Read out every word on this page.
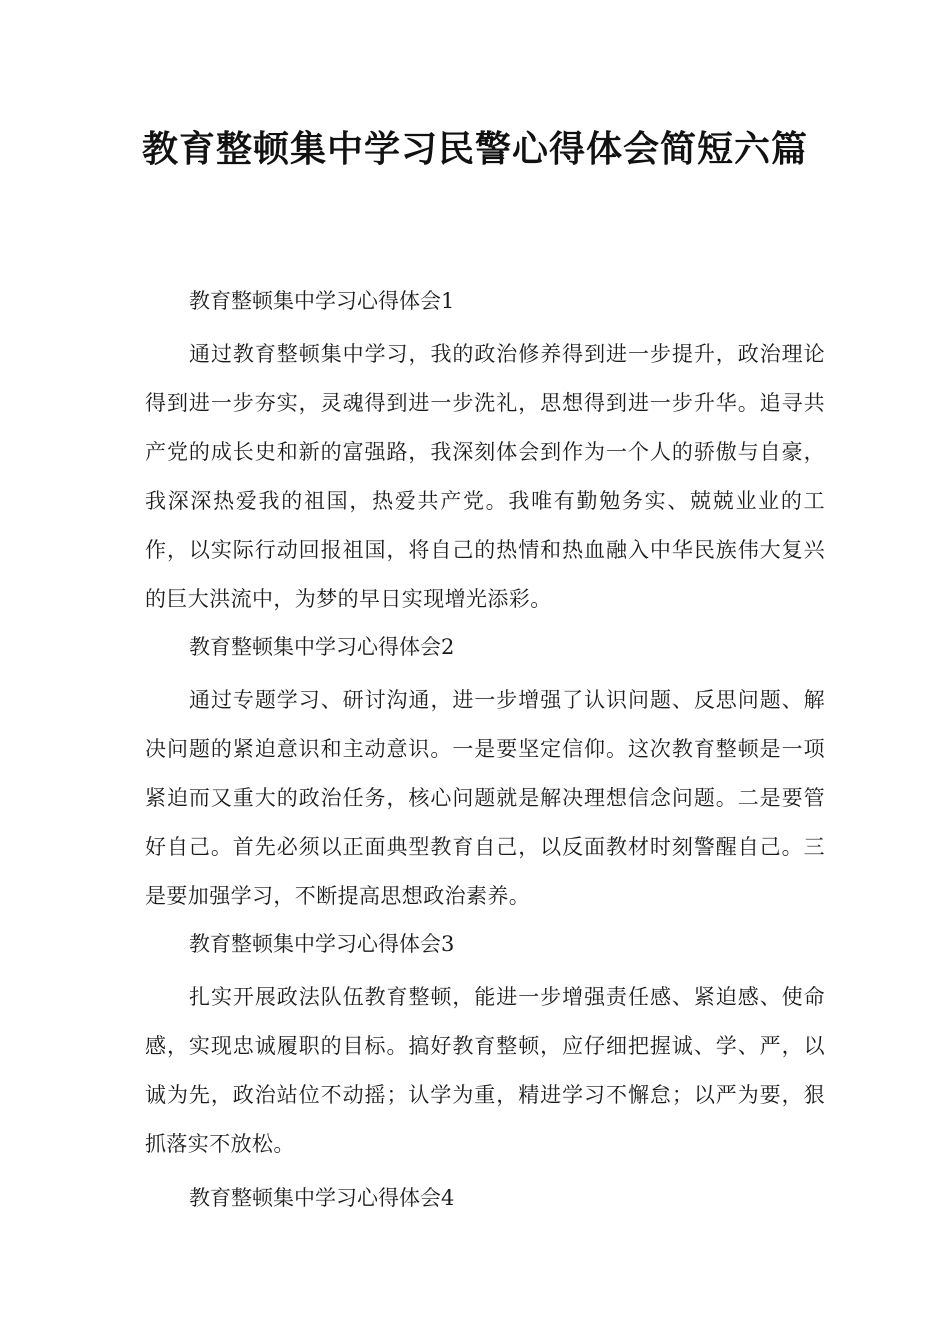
教育整顿集中学习民警心得体会简短六篇
教育整顿集中学习心得体会1

通过教育整顿集中学习，我的政治修养得到进一步提升，政治理论得到进一步夯实，灵魂得到进一步洗礼，思想得到进一步升华。追寻共产党的成长史和新的富强路，我深刻体会到作为一个人的骄傲与自豪，我深深热爱我的祖国，热爱共产党。我唯有勤勉务实、兢兢业业的工作，以实际行动回报祖国，将自己的热情和热血融入中华民族伟大复兴的巨大洪流中，为梦的早日实现增光添彩。

教育整顿集中学习心得体会2

通过专题学习、研讨沟通，进一步增强了认识问题、反思问题、解决问题的紧迫意识和主动意识。一是要坚定信仰。这次教育整顿是一项紧迫而又重大的政治任务，核心问题就是解决理想信念问题。二是要管好自己。首先必须以正面典型教育自己，以反面教材时刻警醒自己。三是要加强学习，不断提高思想政治素养。

教育整顿集中学习心得体会3

扎实开展政法队伍教育整顿，能进一步增强责任感、紧迫感、使命感，实现忠诚履职的目标。搞好教育整顿，应仔细把握诚、学、严，以诚为先，政治站位不动摇；认学为重，精进学习不懈怠；以严为要，狠抓落实不放松。

教育整顿集中学习心得体会4
